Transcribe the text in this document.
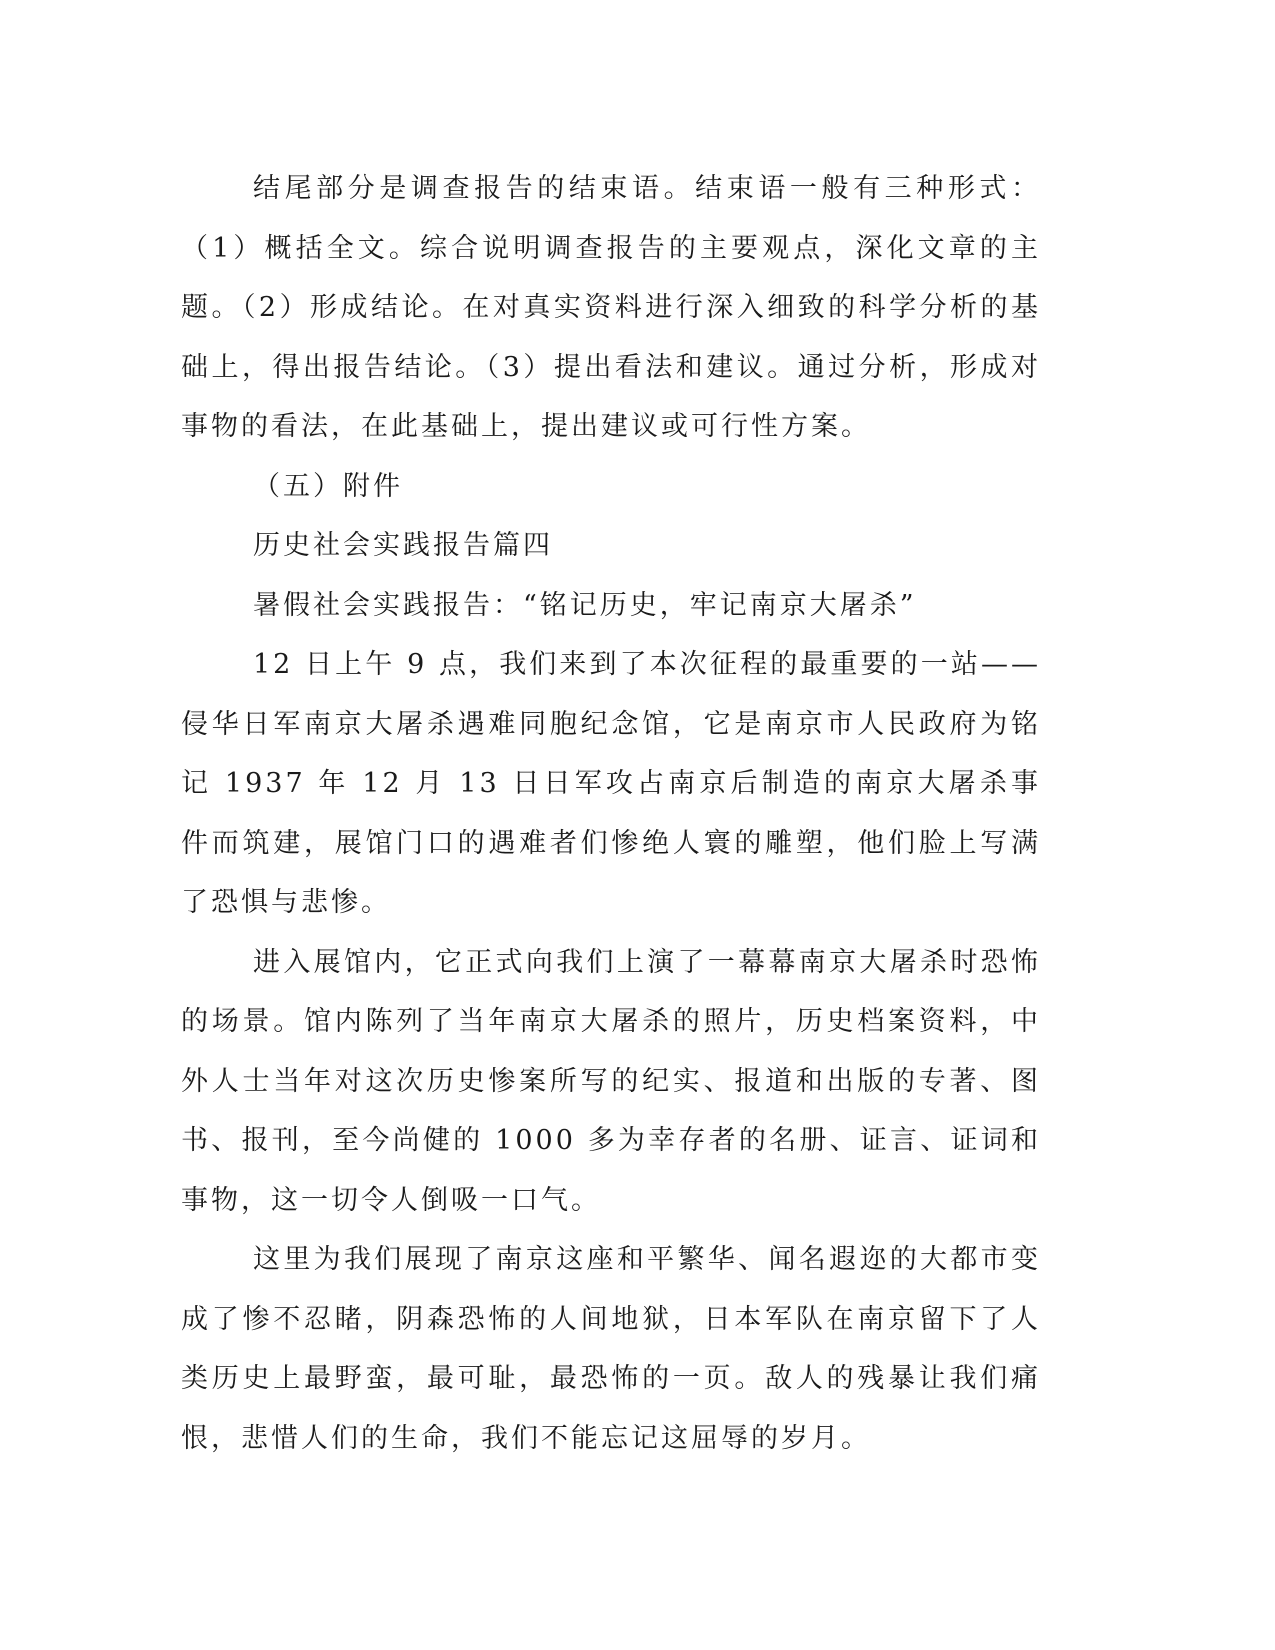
结尾部分是调查报告的结束语。结束语一般有三种形式：（1）概括全文。综合说明调查报告的主要观点，深化文章的主题。（2）形成结论。在对真实资料进行深入细致的科学分析的基础上，得出报告结论。（3）提出看法和建议。通过分析，形成对事物的看法，在此基础上，提出建议或可行性方案。

（五）附件

历史社会实践报告篇四

暑假社会实践报告：“铭记历史，牢记南京大屠杀”

12 日上午 9 点，我们来到了本次征程的最重要的一站——侵华日军南京大屠杀遇难同胞纪念馆，它是南京市人民政府为铭记 1937 年 12 月 13 日日军攻占南京后制造的南京大屠杀事件而筑建，展馆门口的遇难者们惨绝人寰的雕塑，他们脸上写满了恐惧与悲惨。

进入展馆内，它正式向我们上演了一幕幕南京大屠杀时恐怖的场景。馆内陈列了当年南京大屠杀的照片，历史档案资料，中外人士当年对这次历史惨案所写的纪实、报道和出版的专著、图书、报刊，至今尚健的 1000 多为幸存者的名册、证言、证词和事物，这一切令人倒吸一口气。

这里为我们展现了南京这座和平繁华、闻名遐迩的大都市变成了惨不忍睹，阴森恐怖的人间地狱，日本军队在南京留下了人类历史上最野蛮，最可耻，最恐怖的一页。敌人的残暴让我们痛恨，悲惜人们的生命，我们不能忘记这屈辱的岁月。
